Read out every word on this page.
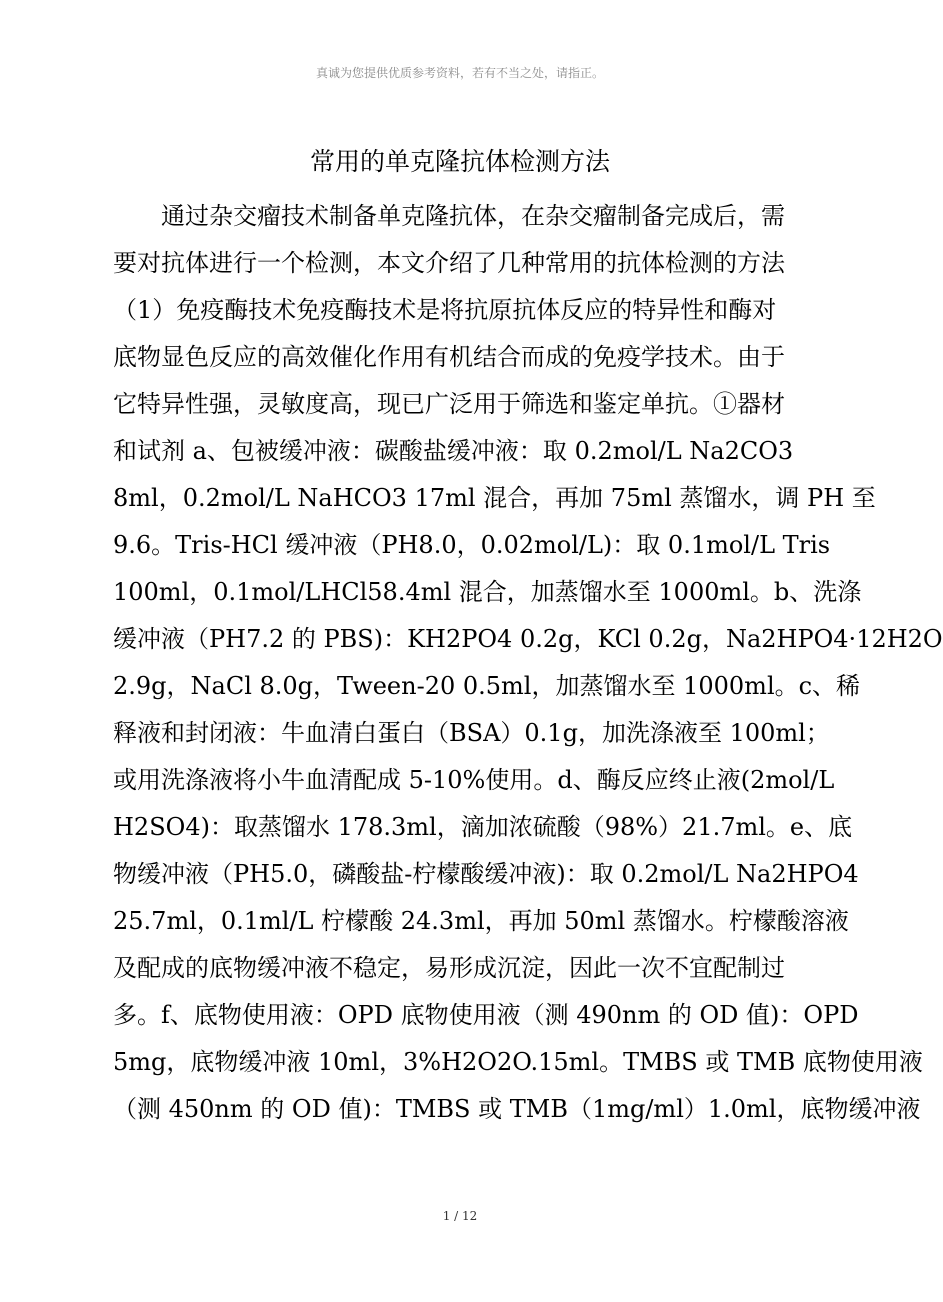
真诚为您提供优质参考资料，若有不当之处，请指正。
常用的单克隆抗体检测方法
　　通过杂交瘤技术制备单克隆抗体，在杂交瘤制备完成后，需
要对抗体进行一个检测，本文介绍了几种常用的抗体检测的方法
（1）免疫酶技术免疫酶技术是将抗原抗体反应的特异性和酶对
底物显色反应的高效催化作用有机结合而成的免疫学技术。由于
它特异性强，灵敏度高，现已广泛用于筛选和鉴定单抗。①器材
和试剂 a、包被缓冲液：碳酸盐缓冲液：取 0.2mol/L Na2CO3
8ml，0.2mol/L NaHCO3 17ml 混合，再加 75ml 蒸馏水，调 PH 至
9.6。Tris-HCl 缓冲液（PH8.0，0.02mol/L)：取 0.1mol/L Tris
100ml，0.1mol/LHCl58.4ml 混合，加蒸馏水至 1000ml。b、洗涤
缓冲液（PH7.2 的 PBS)：KH2PO4 0.2g，KCl 0.2g，Na2HPO4·12H2O
2.9g，NaCl 8.0g，Tween-20 0.5ml，加蒸馏水至 1000ml。c、稀
释液和封闭液：牛血清白蛋白（BSA）0.1g，加洗涤液至 100ml；
或用洗涤液将小牛血清配成 5-10%使用。d、酶反应终止液(2mol/L
H2SO4)：取蒸馏水 178.3ml，滴加浓硫酸（98%）21.7ml。e、底
物缓冲液（PH5.0，磷酸盐-柠檬酸缓冲液)：取 0.2mol/L Na2HPO4
25.7ml，0.1ml/L 柠檬酸 24.3ml，再加 50ml 蒸馏水。柠檬酸溶液
及配成的底物缓冲液不稳定，易形成沉淀，因此一次不宜配制过
多。f、底物使用液：OPD 底物使用液（测 490nm 的 OD 值)：OPD
5mg，底物缓冲液 10ml，3%H2O2O.15ml。TMBS 或 TMB 底物使用液
（测 450nm 的 OD 值)：TMBS 或 TMB（1mg/ml）1.0ml，底物缓冲液
1 / 12
